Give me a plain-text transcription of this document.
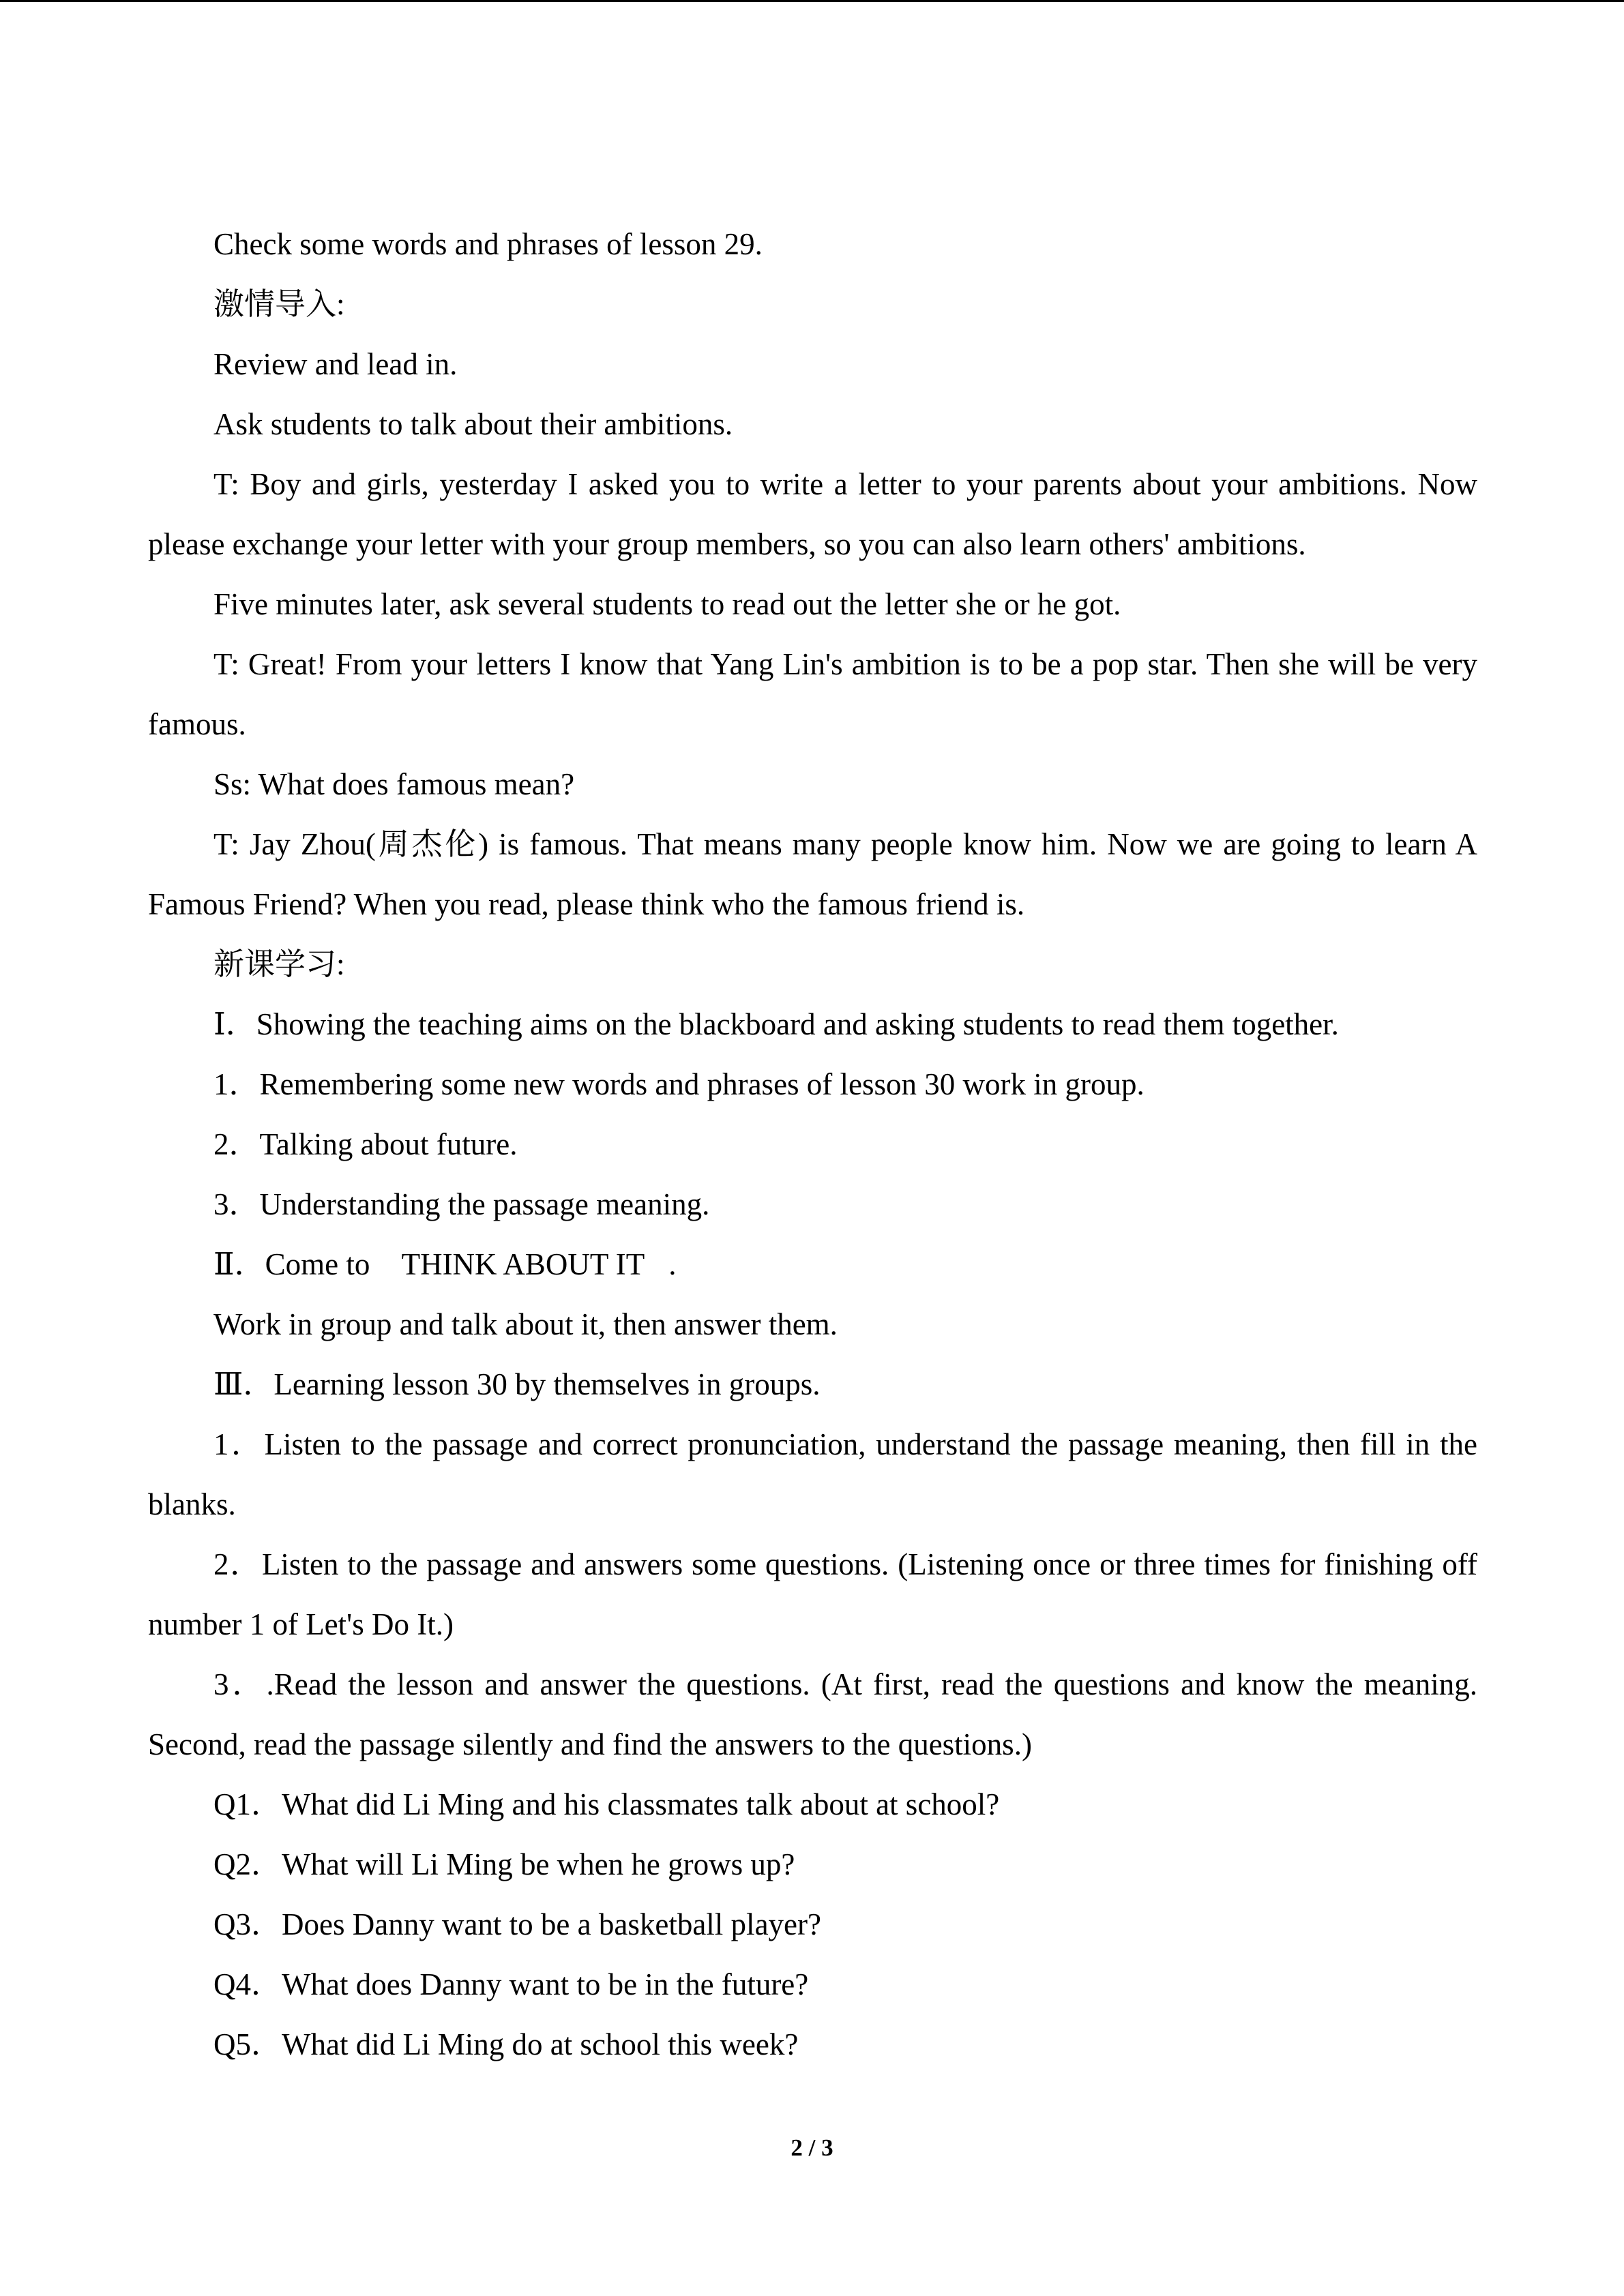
Check some words and phrases of lesson 29.

激情导入:

Review and lead in.

Ask students to talk about their ambitions.

T: Boy and girls, yesterday I asked you to write a letter to your parents about your ambitions. Now please exchange your letter with your group members, so you can also learn others' ambitions.

Five minutes later, ask several students to read out the letter she or he got.

T: Great! From your letters I know that Yang Lin's ambition is to be a pop star. Then she will be very famous.

Ss: What does famous mean?

T: Jay Zhou(周杰伦) is famous. That means many people know him. Now we are going to learn A Famous Friend? When you read, please think who the famous friend is.

新课学习:

Ⅰ．Showing the teaching aims on the blackboard and asking students to read them together.

1．Remembering some new words and phrases of lesson 30 work in group.

2．Talking about future.

3．Understanding the passage meaning.

Ⅱ．Come to 􀀀THINK ABOUT IT􀀀.

Work in group and talk about it, then answer them.

Ⅲ．Learning lesson 30 by themselves in groups.

1．Listen to the passage and correct pronunciation, understand the passage meaning, then fill in the blanks.

2．Listen to the passage and answers some questions. (Listening once or three times for finishing off number 1 of Let's Do It.)

3．.Read the lesson and answer the questions. (At first, read the questions and know the meaning. Second, read the passage silently and find the answers to the questions.)

Q1．What did Li Ming and his classmates talk about at school?

Q2．What will Li Ming be when he grows up?

Q3．Does Danny want to be a basketball player?

Q4．What does Danny want to be in the future?

Q5．What did Li Ming do at school this week?

2 / 3
